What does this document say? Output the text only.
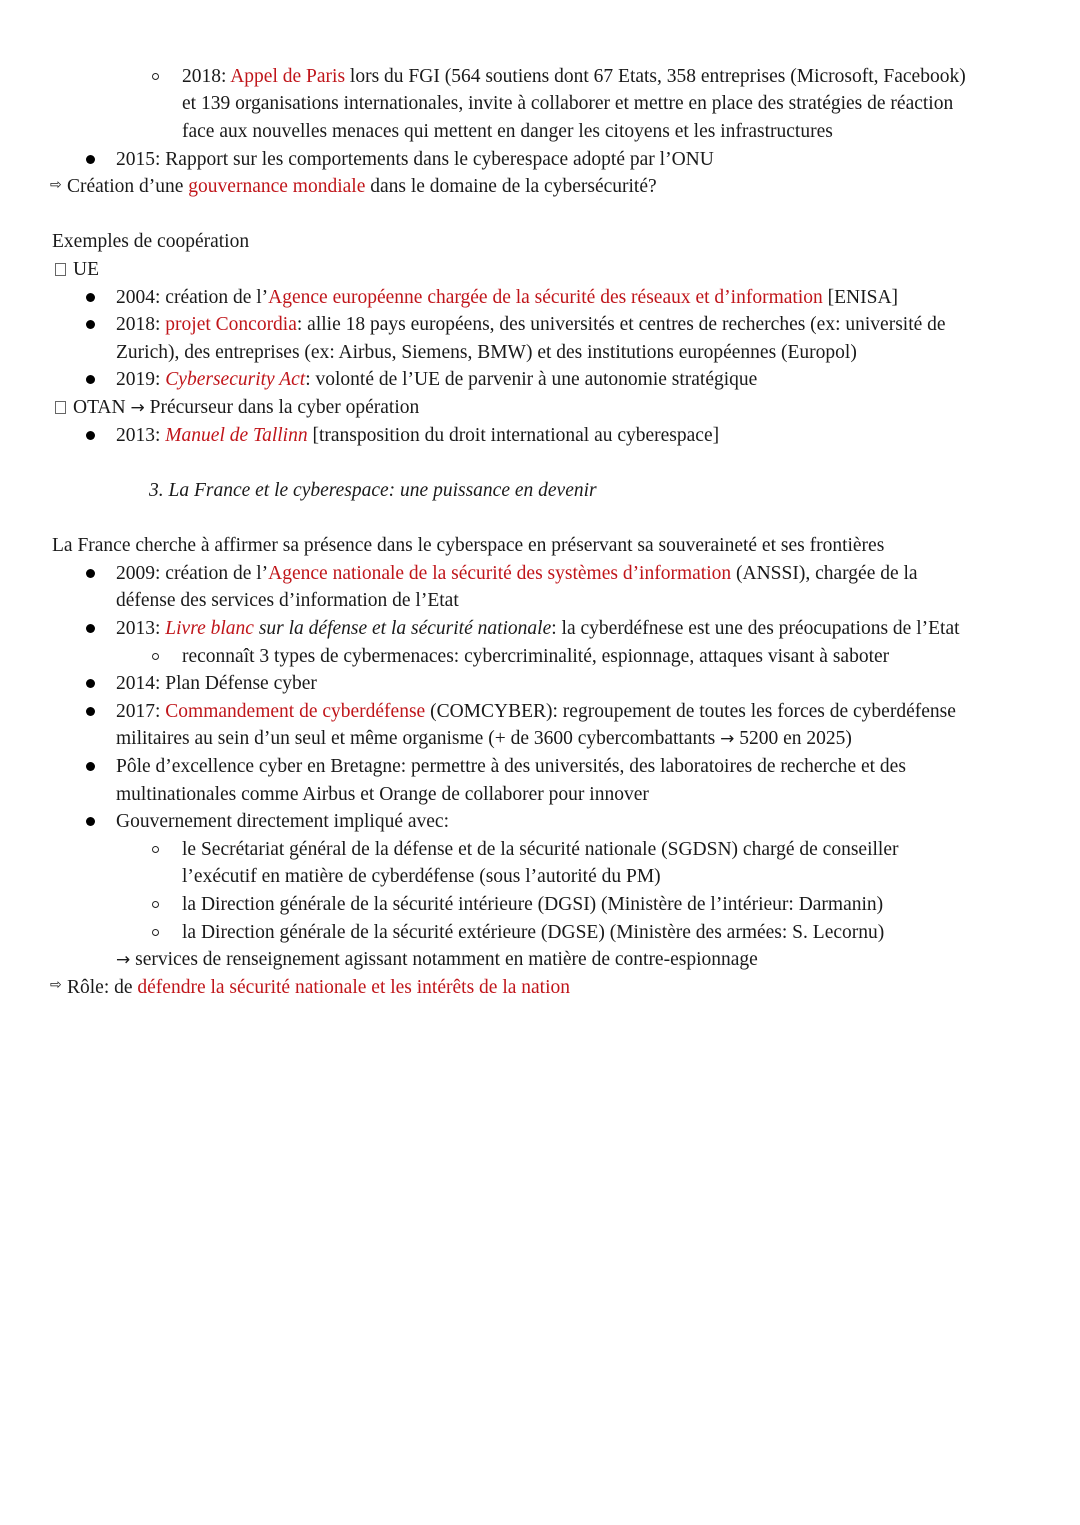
2018: Appel de Paris lors du FGI (564 soutiens dont 67 Etats, 358 entreprises (Microsoft, Facebook)
et 139 organisations internationales, invite à collaborer et mettre en place des stratégies de réaction
face aux nouvelles menaces qui mettent en danger les citoyens et les infrastructures
2015: Rapport sur les comportements dans le cyberespace adopté par l’ONU
⇨ Création d’une gouvernance mondiale dans le domaine de la cybersécurité?
Exemples de coopération
UE
2004: création de l’Agence européenne chargée de la sécurité des réseaux et d’information [ENISA]
2018: projet Concordia: allie 18 pays européens, des universités et centres de recherches (ex: université de
Zurich), des entreprises (ex: Airbus, Siemens, BMW) et des institutions européennes (Europol)
2019: Cybersecurity Act: volonté de l’UE de parvenir à une autonomie stratégique
OTAN → Précurseur dans la cyber opération
2013: Manuel de Tallinn [transposition du droit international au cyberespace]
3. La France et le cyberespace: une puissance en devenir
La France cherche à affirmer sa présence dans le cyberspace en préservant sa souveraineté et ses frontières
2009: création de l’Agence nationale de la sécurité des systèmes d’information (ANSSI), chargée de la
défense des services d’information de l’Etat
2013: Livre blanc sur la défense et la sécurité nationale: la cyberdéfnese est une des préocupations de l’Etat
reconnaît 3 types de cybermenaces: cybercriminalité, espionnage, attaques visant à saboter
2014: Plan Défense cyber
2017: Commandement de cyberdéfense (COMCYBER): regroupement de toutes les forces de cyberdéfense
militaires au sein d’un seul et même organisme (+ de 3600 cybercombattants → 5200 en 2025)
Pôle d’excellence cyber en Bretagne: permettre à des universités, des laboratoires de recherche et des
multinationales comme Airbus et Orange de collaborer pour innover
Gouvernement directement impliqué avec:
le Secrétariat général de la défense et de la sécurité nationale (SGDSN) chargé de conseiller
l’exécutif en matière de cyberdéfense (sous l’autorité du PM)
la Direction générale de la sécurité intérieure (DGSI) (Ministère de l’intérieur: Darmanin)
la Direction générale de la sécurité extérieure (DGSE) (Ministère des armées: S. Lecornu)
→ services de renseignement agissant notamment en matière de contre-espionnage
⇨ Rôle: de défendre la sécurité nationale et les intérêts de la nation
